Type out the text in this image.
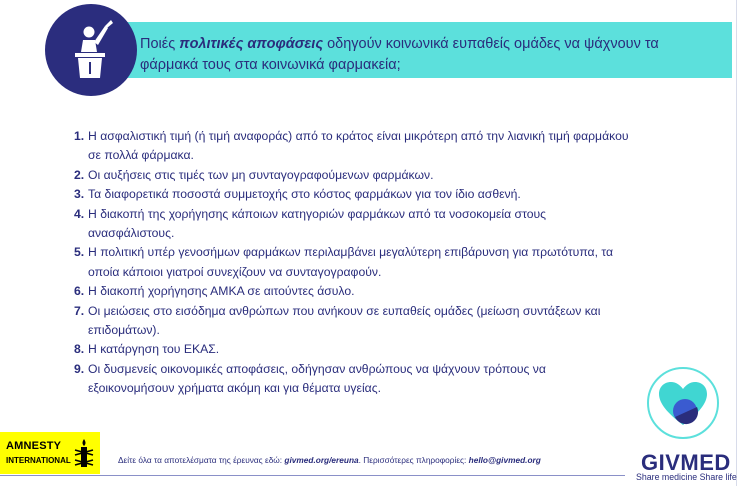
Ποιές πολιτικές αποφάσεις οδηγούν κοινωνικά ευπαθείς ομάδες να ψάχνουν τα φάρμακά τους στα κοινωνικά φαρμακεία;
1. Η ασφαλιστική τιμή (ή τιμή αναφοράς) από το κράτος είναι μικρότερη από την λιανική τιμή φαρμάκου σε πολλά φάρμακα.
2. Οι αυξήσεις στις τιμές των μη συνταγογραφούμενων φαρμάκων.
3. Τα διαφορετικά ποσοστά συμμετοχής στο κόστος φαρμάκων για τον ίδιο ασθενή.
4. Η διακοπή της χορήγησης κάποιων κατηγοριών φαρμάκων από τα νοσοκομεία στους ανασφάλιστους.
5. Η πολιτική υπέρ γενοσήμων φαρμάκων περιλαμβάνει μεγαλύτερη επιβάρυνση για πρωτότυπα, τα οποία κάποιοι γιατροί συνεχίζουν να συνταγογραφούν.
6. Η διακοπή χορήγησης ΑΜΚΑ σε αιτούντες άσυλο.
7. Οι μειώσεις στο εισόδημα ανθρώπων που ανήκουν σε ευπαθείς ομάδες (μείωση συντάξεων και επιδομάτων).
8. Η κατάργηση του ΕΚΑΣ.
9. Οι δυσμενείς οικονομικές αποφάσεις, οδήγησαν ανθρώπους να ψάχνουν τρόπους να εξοικονομήσουν χρήματα ακόμη και για θέματα υγείας.
GIVMED
Share medicine Share life
AMNESTY
INTERNATIONAL	Δείτε όλα τα αποτελέσματα της έρευνας εδώ: givmed.org/ereuna. Περισσότερες πληροφορίες: hello@givmed.org
